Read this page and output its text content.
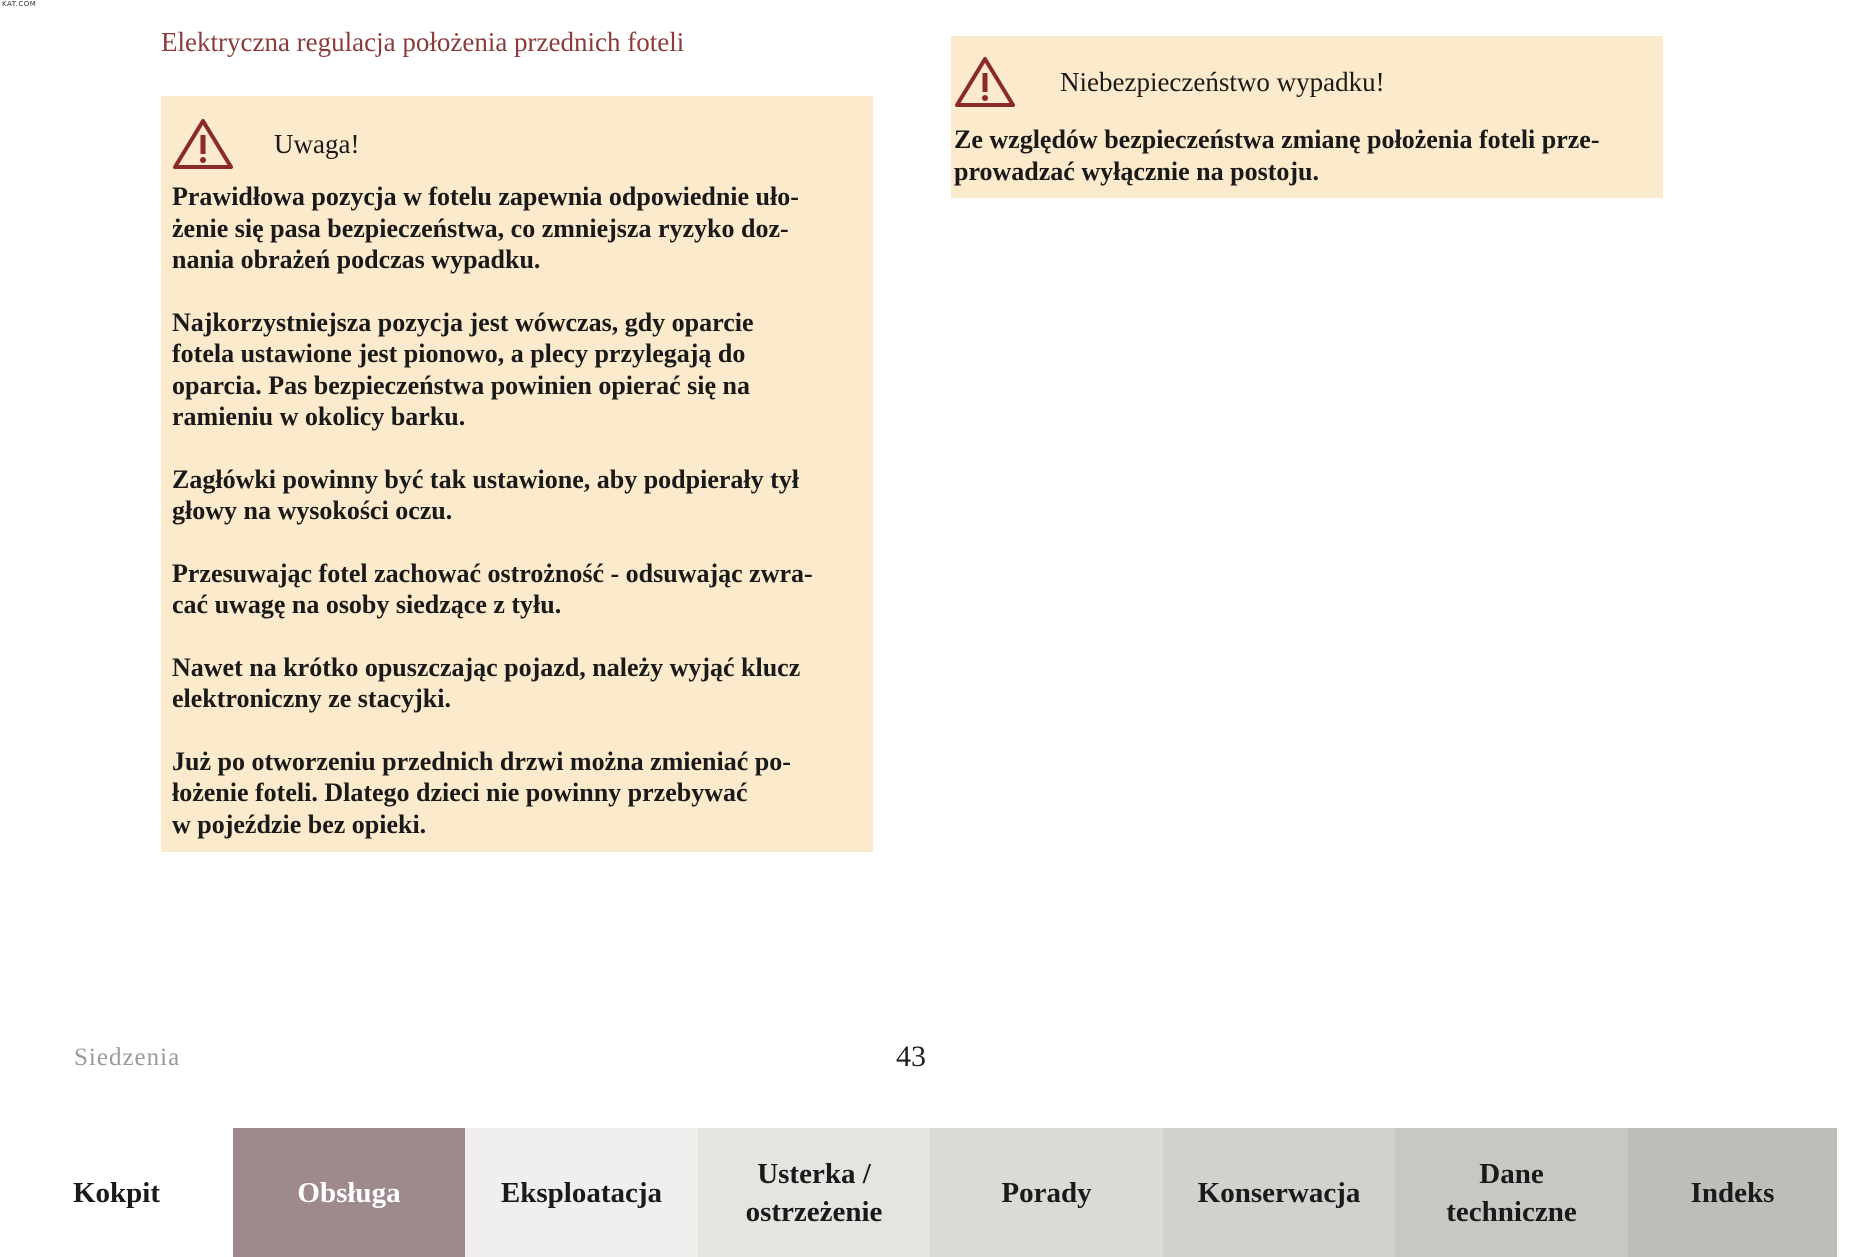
KAT.COM
Elektryczna regulacja położenia przednich foteli
Uwaga!
Prawidłowa pozycja w fotelu zapewnia odpowiednie uło-
żenie się pasa bezpieczeństwa, co zmniejsza ryzyko doz-
nania obrażeń podczas wypadku.
Najkorzystniejsza pozycja jest wówczas, gdy oparcie
fotela ustawione jest pionowo, a plecy przylegają do
oparcia. Pas bezpieczeństwa powinien opierać się na
ramieniu w okolicy barku.
Zagłówki powinny być tak ustawione, aby podpierały tył
głowy na wysokości oczu.
Przesuwając fotel zachować ostrożność - odsuwając zwra-
cać uwagę na osoby siedzące z tyłu.
Nawet na krótko opuszczając pojazd, należy wyjąć klucz
elektroniczny ze stacyjki.
Już po otworzeniu przednich drzwi można zmieniać po-
łożenie foteli. Dlatego dzieci nie powinny przebywać
w pojeździe bez opieki.
Niebezpieczeństwo wypadku!
Ze względów bezpieczeństwa zmianę położenia foteli prze-
prowadzać wyłącznie na postoju.
Siedzenia	43
Kokpit	Obsługa	Eksploatacja
Usterka /
ostrzeżenie
Porady	Konserwacja
Dane
techniczne
Indeks
